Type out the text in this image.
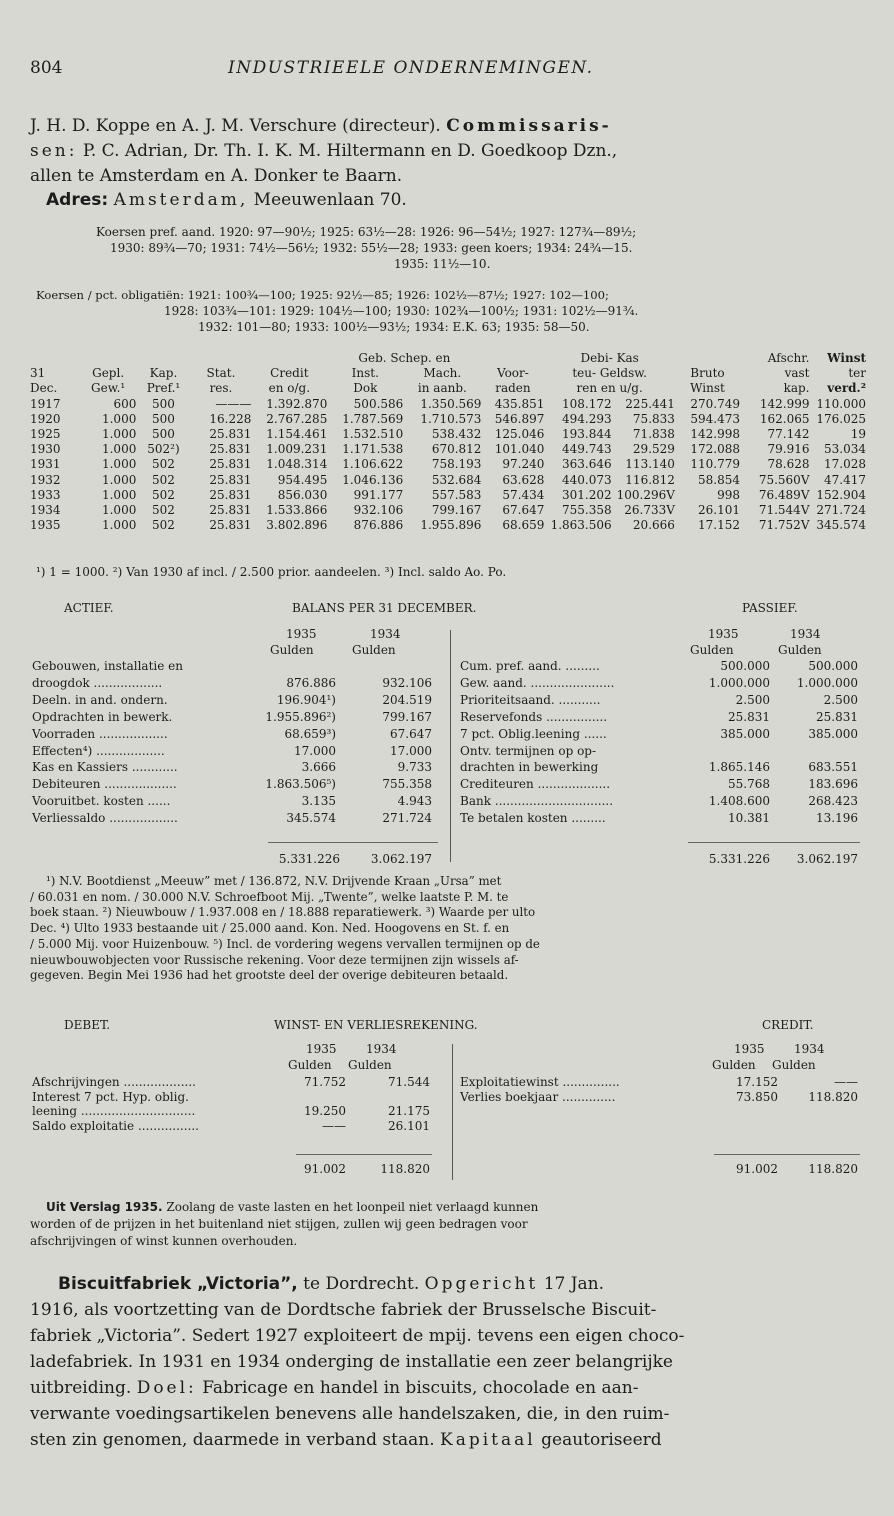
804	INDUSTRIEELE ONDERNEMINGEN.
J. H. D. Koppe en A. J. M. Verschure (directeur). Commissaris-
sen: P. C. Adrian, Dr. Th. I. K. M. Hiltermann en D. Goedkoop Dzn.,
allen te Amsterdam en A. Donker te Baarn.
Adres: Amsterdam, Meeuwenlaan 70.
Koersen pref. aand. 1920: 97—90½; 1925: 63½—28: 1926: 96—54½; 1927: 127¾—89½;
1930: 89¾—70; 1931: 74½—56½; 1932: 55½—28; 1933: geen koers; 1934: 24¾—15.
1935: 11½—10.
Koersen / pct. obligatiën: 1921: 100¾—100; 1925: 92½—85; 1926: 102½—87½; 1927: 102—100;
1928: 103¾—101: 1929: 104½—100; 1930: 102¾—100½; 1931: 102½—91¾.
1932: 101—80; 1933: 100½—93½; 1934: E.K. 63; 1935: 58—50.
					Geb. Schep. en			Debi- Kas			Afschr.	Winst
31	Gepl.	Kap.	Stat.	Credit	Inst.	Mach.	Voor-	teu- Geldsw.		Bruto	vast	ter
Dec.	Gew.¹	Pref.¹	res.	en o/g.	Dok	in aanb.	raden	ren en u/g.		Winst	kap.	verd.²
1917	600	500	———	1.392.870	500.586	1.350.569	435.851	108.172	225.441	270.749	142.999	110.000
1920	1.000	500	16.228	2.767.285	1.787.569	1.710.573	546.897	494.293	75.833	594.473	162.065	176.025
1925	1.000	500	25.831	1.154.461	1.532.510	538.432	125.046	193.844	71.838	142.998	77.142	19
1930	1.000	502²)	25.831	1.009.231	1.171.538	670.812	101.040	449.743	29.529	172.088	79.916	53.034
1931	1.000	502	25.831	1.048.314	1.106.622	758.193	97.240	363.646	113.140	110.779	78.628	17.028
1932	1.000	502	25.831	954.495	1.046.136	532.684	63.628	440.073	116.812	58.854	75.560V	47.417
1933	1.000	502	25.831	856.030	991.177	557.583	57.434	301.202	100.296V	998	76.489V	152.904
1934	1.000	502	25.831	1.533.866	932.106	799.167	67.647	755.358	26.733V	26.101	71.544V	271.724
1935	1.000	502	25.831	3.802.896	876.886	1.955.896	68.659	1.863.506	20.666	17.152	71.752V	345.574
¹) 1 = 1000. ²) Van 1930 af incl. / 2.500 prior. aandeelen. ³) Incl. saldo Ao. Po.
ACTIEF.	BALANS PER 31 DECEMBER.	PASSIEF.
1935	1934
Gulden	Gulden
1935	1934
Gulden	Gulden
Gebouwen, installatie en
droogdok ..................	876.886	932.106
Deeln. in and. ondern.	196.904¹)	204.519
Opdrachten in bewerk.	1.955.896²)	799.167
Voorraden ..................	68.659³)	67.647
Effecten⁴) ..................	17.000	17.000
Kas en Kassiers ............	3.666	9.733
Debiteuren ...................	1.863.506⁵)	755.358
Vooruitbet. kosten ......	3.135	4.943
Verliessaldo ..................	345.574	271.724
Cum. pref. aand. .........	500.000	500.000
Gew. aand. ......................	1.000.000	1.000.000
Prioriteitsaand. ...........	2.500	2.500
Reservefonds ................	25.831	25.831
7 pct. Oblig.leening ......	385.000	385.000
Ontv. termijnen op op-
drachten in bewerking	1.865.146	683.551
Crediteuren ...................	55.768	183.696
Bank ...............................	1.408.600	268.423
Te betalen kosten .........	10.381	13.196
5.331.226	3.062.197	5.331.226	3.062.197
¹) N.V. Bootdienst „Meeuw” met / 136.872, N.V. Drijvende Kraan „Ursa” met
/ 60.031 en nom. / 30.000 N.V. Schroefboot Mij. „Twente”, welke laatste P. M. te
boek staan. ²) Nieuwbouw / 1.937.008 en / 18.888 reparatiewerk. ³) Waarde per ulto
Dec. ⁴) Ulto 1933 bestaande uit / 25.000 aand. Kon. Ned. Hoogovens en St. f. en
/ 5.000 Mij. voor Huizenbouw. ⁵) Incl. de vordering wegens vervallen termijnen op de
nieuwbouwobjecten voor Russische rekening. Voor deze termijnen zijn wissels af-
gegeven. Begin Mei 1936 had het grootste deel der overige debiteuren betaald.
DEBET.	WINST- EN VERLIESREKENING.	CREDIT.
1935 1934
Gulden Gulden
1935 1934
Gulden Gulden
Afschrijvingen ...................	71.752	71.544
Interest 7 pct. Hyp. oblig.
leening ..............................	19.250	21.175
Saldo exploitatie ................	——	26.101
Exploitatiewinst ...............	17.152	——
Verlies boekjaar ..............	73.850	118.820
91.002	118.820	91.002	118.820
Uit Verslag 1935. Zoolang de vaste lasten en het loonpeil niet verlaagd kunnen
worden of de prijzen in het buitenland niet stijgen, zullen wij geen bedragen voor
afschrijvingen of winst kunnen overhouden.
Biscuitfabriek „Victoria”, te Dordrecht. Opgericht 17 Jan.
1916, als voortzetting van de Dordtsche fabriek der Brusselsche Biscuit-
fabriek „Victoria”. Sedert 1927 exploiteert de mpij. tevens een eigen choco-
ladefabriek. In 1931 en 1934 onderging de installatie een zeer belangrijke
uitbreiding. Doel: Fabricage en handel in biscuits, chocolade en aan-
verwante voedingsartikelen benevens alle handelszaken, die, in den ruim-
sten zin genomen, daarmede in verband staan. Kapitaal geautoriseerd
